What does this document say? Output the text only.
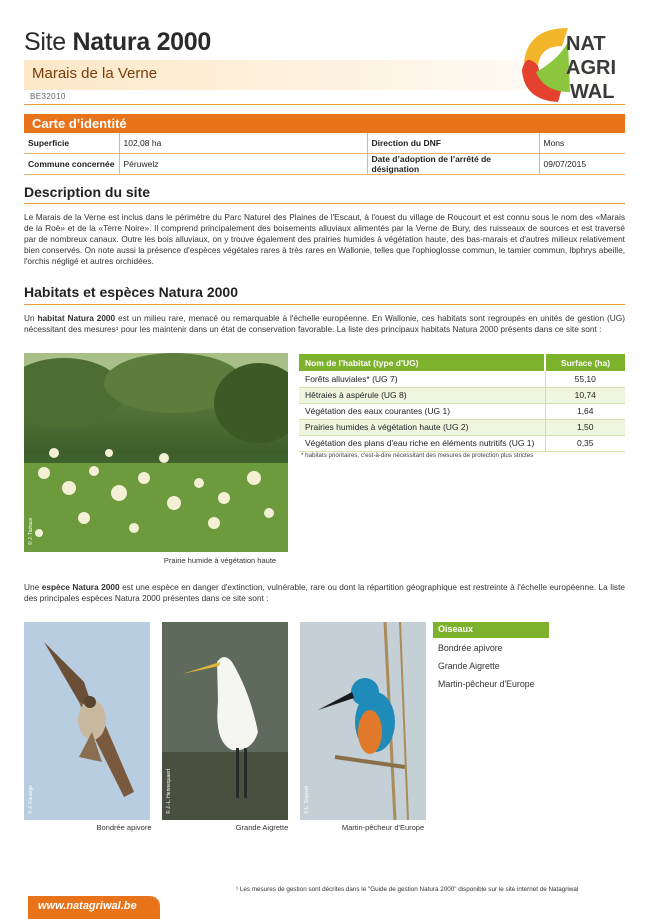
Site Natura 2000
Marais de la Verne
BE32010
NAT
AGRI
WAL
Carte d’identité
Superficie	102,08 ha	Direction du DNF	Mons
Commune concernée	Péruwelz	Date d’adoption de l’arrêté de désignation	09/07/2015
Description du site
Le Marais de la Verne est inclus dans le périmètre du Parc Naturel des Plaines de l'Escaut, à l'ouest du village de Roucourt et est connu sous le nom des «Marais de la Roë» et de la «Terre Noire». Il comprend principalement des boisements alluviaux alimentés par la Verne de Bury, des ruisseaux de sources et est traversé par de nombreux canaux. Outre les bois alluviaux, on y trouve également des prairies humides à végétation haute, des bas-marais et d'autres milieux relativement bien conservés. On note aussi la présence d'espèces végétales rares à très rares en Wallonie, telles que l'ophioglosse commun, le tamier commun, lbphrys abeille, l'orchis négligé et autres orchidées.
Habitats et espèces Natura 2000
Un habitat Natura 2000 est un milieu rare, menacé ou remarquable à l'échelle européenne. En Wallonie, ces habitats sont regroupés en unités de gestion (UG) nécessitant des mesures¹ pour les maintenir dans un état de conservation favorable. La liste des principaux habitats Natura 2000 présents dans ce site sont :
© J. Taziaux
Prairie humide à végétation haute
Nom de l'habitat (type d'UG)	Surface (ha)
Forêts alluviales* (UG 7)	55,10
Hêtraies à aspérule (UG 8)	10,74
Végétation des eaux courantes (UG 1)	1,64
Prairies humides à végétation haute (UG 2)	1,50
Végétation des plans d'eau riche en éléments nutritifs (UG 1)	0,35
* habitats prioritaires, c'est-à-dire nécessitant des mesures de protection plus strictes
Une espèce Natura 2000 est une espèce en danger d'extinction, vulnérable, rare ou dont la répartition géographique est restreinte à l'échelle européenne. La liste des principales espèces Natura 2000 présentes dans ce site sont :
© J. Fouarge
Bondrée apivore
© J.-L. Hennequaert
Grande Aigrette
© L. Soyeurt
Martin-pêcheur d'Europe
Oiseaux
Bondrée apivore
Grande Aigrette
Martin-pêcheur d'Europe
¹ Les mesures de gestion sont décrites dans le "Guide de gestion Natura 2000" disponible sur le site internet de Natagriwal
www.natagriwal.be
